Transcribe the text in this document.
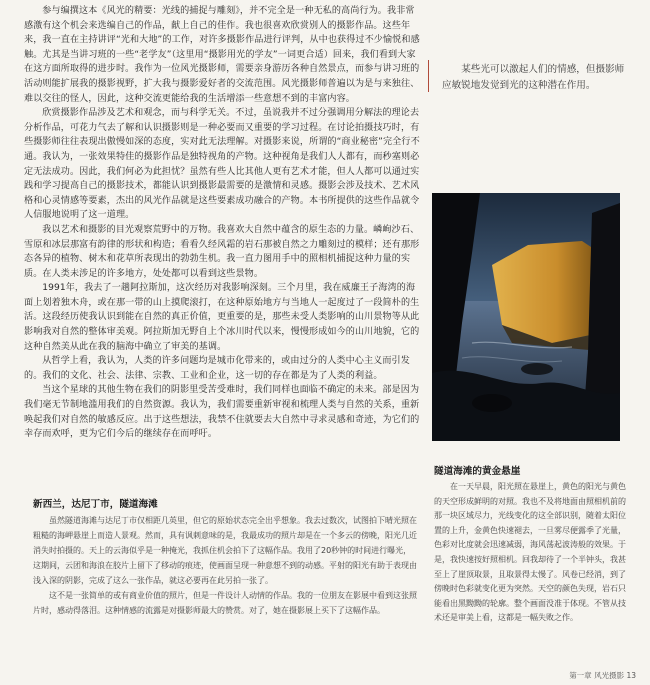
参与编撰这本《风光的精要：光线的捕捉与雕刻》，并不完全是一种无私的高尚行为。我非常感激有这个机会来选编自己的作品，献上自己的佳作。我也很喜欢欣赏别人的摄影作品。这些年来，我一直在主持讲评“光和大地”的工作，对许多摄影作品进行评判，从中也获得过不少愉悦和感触。尤其是当讲习班的一些“老学友”（这里用“摄影用光的学友”一词更合适）回来，我们看到大家在这方面所取得的进步时。我作为一位风光摄影师，需要亲身游历各种自然景点，而参与讲习班的活动则能扩展我的摄影视野，扩大我与摄影爱好者的交流范围。风光摄影师普遍以为是与来独往、难以交往的怪人，因此，这种交流更能给我的生活增添一些意想不到的丰富内容。

欣赏摄影作品涉及艺术和观念，而与科学无关。不过，虽说我并不过分强调用分解法的理论去分析作品，可花力气去了解和认识摄影则是一种必要而又重要的学习过程。在讨论拍摄技巧时，有些摄影师往往表现出傲慢如深的态度，实对此无法理解。对摄影来说，所谓的“商业秘密”完全行不通。我认为，一张效果特佳的摄影作品是独特视角的产物。这种视角是我们人人都有，而秒塞则必定无法成功。因此，我们何必为此担忧？虽然有些人比其他人更有艺术才能，但人人都可以通过实践和学习提高自己的摄影技术，都能认识到摄影最需要的是激情和灵感。摄影会涉及技术、艺术风格和心灵情感等要素，杰出的风光作品就是这些要素成功融合的产物。本书所提供的这些作品就令人信服地说明了这一道理。

我以艺术和摄影的目光观察荒野中的万物。我喜欢大自然中蕴含的原生态的力量。嶙峋沙石、雪原和冰层那富有韵律的形状和构造；看看久经风霜的岩石那被自然之力雕刻过的模样；还有那形态各异的植物、树木和花草所表现出的勃勃生机。我一直力图用手中的照相机捕捉这种力量的实质。在人类未涉足的许多地方，处处都可以看到这些景物。

1991年，我去了一趟阿拉斯加，这次经历对我影响深刻。三个月里，我在威廉王子海湾的海面上划着独木舟，或在那一带的山上摸爬滚打，在这种原始地方与当地人一起度过了一段简朴的生活。这段经历使我认识到能在自然的真正价值，更重要的是，那些未受人类影响的山川景物等从此影响我对自然的整体审美观。阿拉斯加无野自上个冰川时代以来，慢慢形成如今的山川地貌，它的这种自然美从此在我的脑海中确立了审美的基调。

从哲学上看，我认为，人类的许多问题均是城市化带来的，或由过分的人类中心主义而引发的。我们的文化、社会、法律、宗教、工业和企业，这一切的存在都是为了人类的利益。

当这个星球的其他生物在我们的阴影里受苦受难时，我们同样也面临不确定的未来。部是因为我们毫无节制地滥用我们的自然资源。我认为，我们需要重新审视和梳理人类与自然的关系，重新唤起我们对自然的敏感反应。出于这些想法，我禁不住就要去大自然中寻求灵感和奇迹，为它们的幸存而欢呼，更为它们今后的继续存在而呼吁。

某些光可以激起人们的情感，但摄影师应敏锐地发觉到光的这种潜在作用。
隧道海滩的黄金悬崖
在一天早晨，阳光照在悬崖上，黄色的阳光与黄色的天空形成鲜明的对照。我也不及将地面由照相机前的那一块区域尽力，光线变化的这全部识别，随着太阳位置的上升，金黄色快速褪去，一旦雾尽便露季了光量，色彩对比度就会迅速减弱，海风荡起波涛般的效果。于是，我快速按好照相机。回我却待了一个半钟头，我甚至上了崖顶取景，且取景得太慢了。风卷已经消，到了傍晚时色彩就变化更为突然。天空的颜色失现，岩石只能看出黑黝黝的轮廓。整个画面没准于体现。不管从技术还是审美上看，这都是一幅失败之作。
新西兰，达尼丁市，隧道海滩

虽然隧道海滩与达尼丁市仅相距几英里，但它的原始状态完全出乎想象。我去过数次，试图拍下晴光照在粗糙的海岬悬崖上而造人景观。然而，具有讽刺意味的是，我最成功的照片却是在一个多云的傍晚，阳光几近消失时拍摄的。天上的云海似乎是一种掩光，我抓住机会拍下了这幅作品。我用了20秒钟的时间进行曝光，这期间，云团和海浪在胶片上留下了移动的痕迹，使画面呈现一种意想不到的动感。平射的阳光有助于表现由浅入深的阴影，完成了这么一张作品，就这必要再在此另拍一张了。

这不是一张简单的或有商业价值的照片，但是一件设计人动情的作品。我的一位朋友在影展中看到这张照片时，感动得落泪。这种情感的流露是对摄影师最大的赞赏。对了，她在摄影展上买下了这幅作品。

第一章 风光摄影 13
